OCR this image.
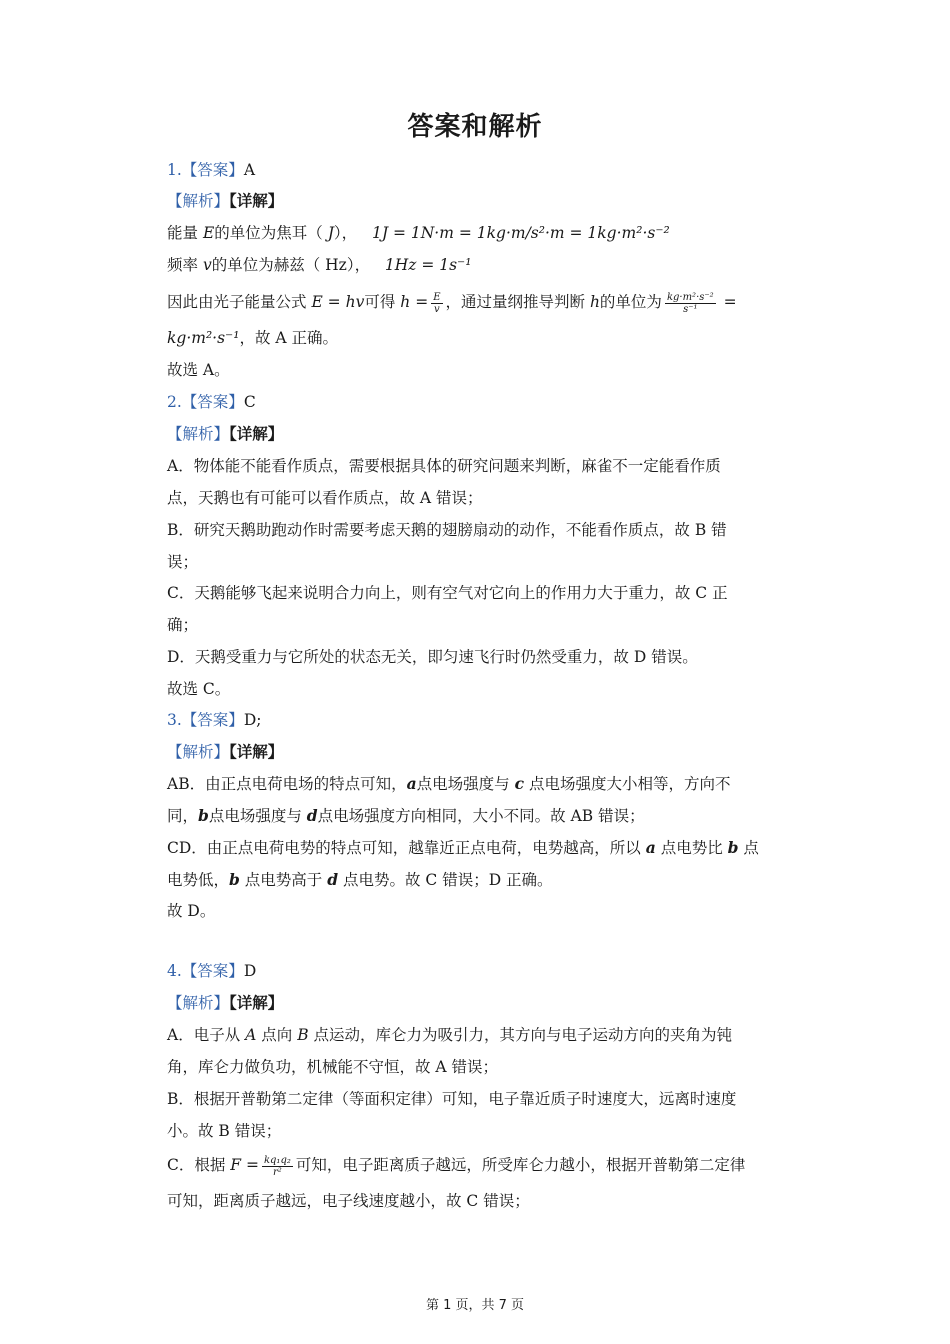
答案和解析
1.【答案】A
【解析】【详解】
能量 E的单位为焦耳（ J），   1J = 1N·m = 1kg·m/s²·m = 1kg·m²·s⁻²
频率 v的单位为赫兹（ Hz），   1Hz = 1s⁻¹
因此由光子能量公式 E = hv可得 $h = \frac{E}{v}$ ，通过量纲推导判断 h的单位为 $\frac{\text{kg·m²·s⁻²}}{\text{s⁻¹}}$ =
kg·m²·s⁻¹，故 A 正确。
故选 A。
2.【答案】C
【解析】【详解】
A．物体能不能看作质点，需要根据具体的研究问题来判断，麻雀不一定能看作质
点，天鹅也有可能可以看作质点，故 A 错误；
B．研究天鹅助跑动作时需要考虑天鹅的翅膀扇动的动作，不能看作质点，故 B 错
误；
C．天鹅能够飞起来说明合力向上，则有空气对它向上的作用力大于重力，故 C 正
确；
D．天鹅受重力与它所处的状态无关，即匀速飞行时仍然受重力，故 D 错误。
故选 C。
3.【答案】D;
【解析】【详解】
AB．由正点电荷电场的特点可知，a点电场强度与 c 点电场强度大小相等，方向不
同，b点电场强度与 d点电场强度方向相同，大小不同。故 AB 错误；
CD．由正点电荷电势的特点可知，越靠近正点电荷，电势越高，所以 a 点电势比 b 点
电势低，b 点电势高于 d 点电势。故 C 错误；D 正确。
故 D。
4.【答案】D
【解析】【详解】
A．电子从 A 点向 B 点运动，库仑力为吸引力，其方向与电子运动方向的夹角为钝
角，库仑力做负功，机械能不守恒，故 A 错误；
B．根据开普勒第二定律（等面积定律）可知，电子靠近质子时速度大，远离时速度
小。故 B 错误；
C．根据 $F = \frac{\text{kq₁q₂}}{\text{r²}}$ 可知，电子距离质子越远，所受库仑力越小，根据开普勒第二定律
可知，距离质子越远，电子线速度越小，故 C 错误；
第 1 页，共 7 页
